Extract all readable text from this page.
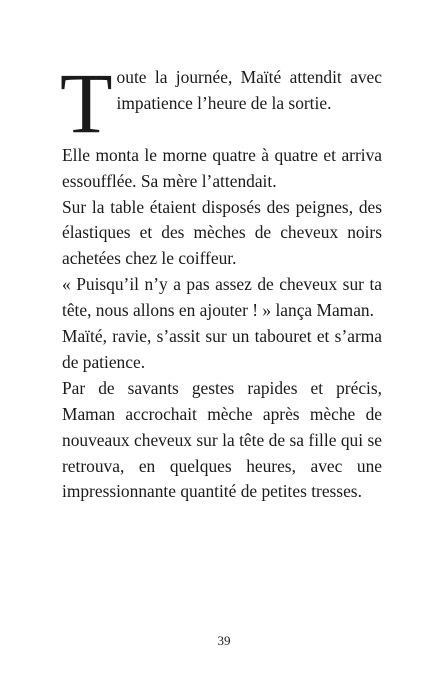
Toute la journée, Maïté attendit avec impatience l’heure de la sortie.

Elle monta le morne quatre à quatre et arriva essoufflée. Sa mère l’attendait.

Sur la table étaient disposés des peignes, des élastiques et des mèches de cheveux noirs achetées chez le coiffeur.

« Puisqu’il n’y a pas assez de cheveux sur ta tête, nous allons en ajouter ! » lança Maman.

Maïté, ravie, s’assit sur un tabouret et s’arma de patience.

Par de savants gestes rapides et précis, Maman accrochait mèche après mèche de nouveaux cheveux sur la tête de sa fille qui se retrouva, en quelques heures, avec une impressionnante quantité de petites tresses.

39
